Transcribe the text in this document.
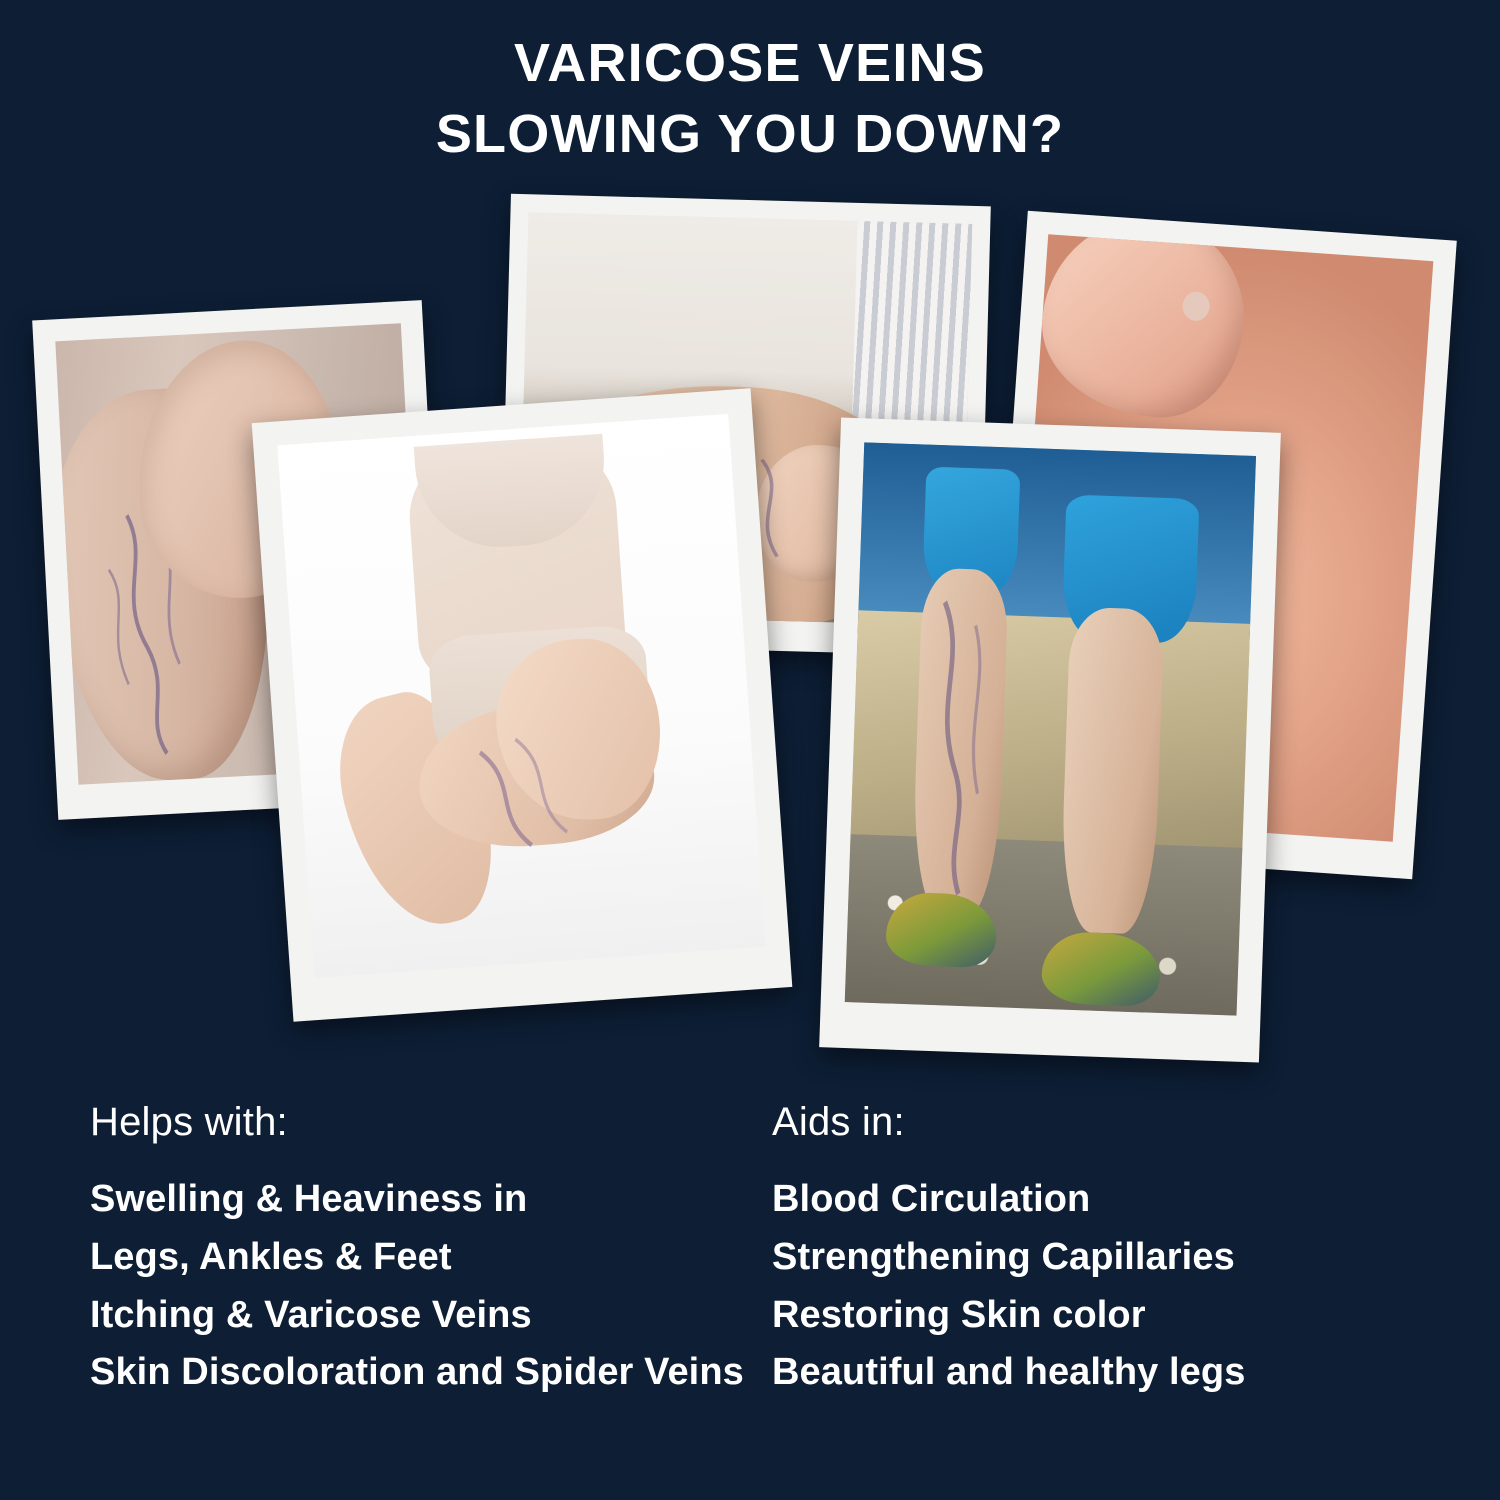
VARICOSE VEINS
SLOWING YOU DOWN?
Helps with:
Swelling & Heaviness in
Legs, Ankles & Feet
Itching & Varicose Veins
Skin Discoloration and Spider Veins
Aids in:
Blood Circulation
Strengthening Capillaries
Restoring Skin color
Beautiful and healthy legs
